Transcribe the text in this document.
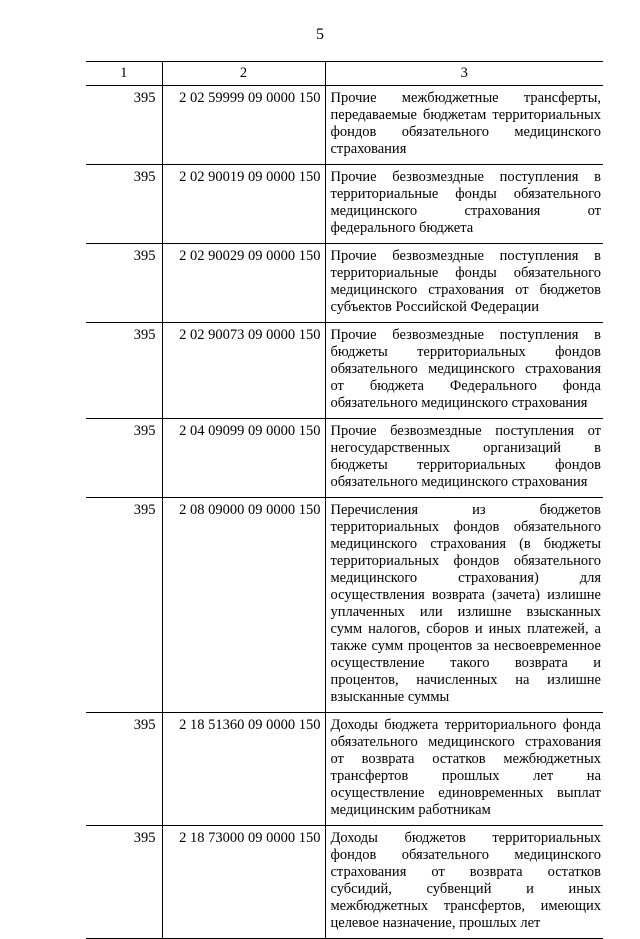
5
1	2	3
395	2 02 59999 09 0000 150	Прочие межбюджетные трансферты, передаваемые бюджетам территориальных фондов обязательного медицинского страхования

395	2 02 90019 09 0000 150	Прочие безвозмездные поступления в территориальные фонды обязательного медицинского страхования от федерального бюджета

395	2 02 90029 09 0000 150	Прочие безвозмездные поступления в территориальные фонды обязательного медицинского страхования от бюджетов субъектов Российской Федерации

395	2 02 90073 09 0000 150	Прочие безвозмездные поступления в бюджеты территориальных фондов обязательного медицинского страхования от бюджета Федерального фонда обязательного медицинского страхования

395	2 04 09099 09 0000 150	Прочие безвозмездные поступления от негосударственных организаций в бюджеты территориальных фондов обязательного медицинского страхования

395	2 08 09000 09 0000 150	Перечисления из бюджетов территориальных фондов обязательного медицинского страхования (в бюджеты территориальных фондов обязательного медицинского страхования) для осуществления возврата (зачета) излишне уплаченных или излишне взысканных сумм налогов, сборов и иных платежей, а также сумм процентов за несвоевременное осуществление такого возврата и процентов, начисленных на излишне взысканные суммы

395	2 18 51360 09 0000 150	Доходы бюджета территориального фонда обязательного медицинского страхования от возврата остатков межбюджетных трансфертов прошлых лет на осуществление единовременных выплат медицинским работникам

395	2 18 73000 09 0000 150	Доходы бюджетов территориальных фондов обязательного медицинского страхования от возврата остатков субсидий, субвенций и иных межбюджетных трансфертов, имеющих целевое назначение, прошлых лет
